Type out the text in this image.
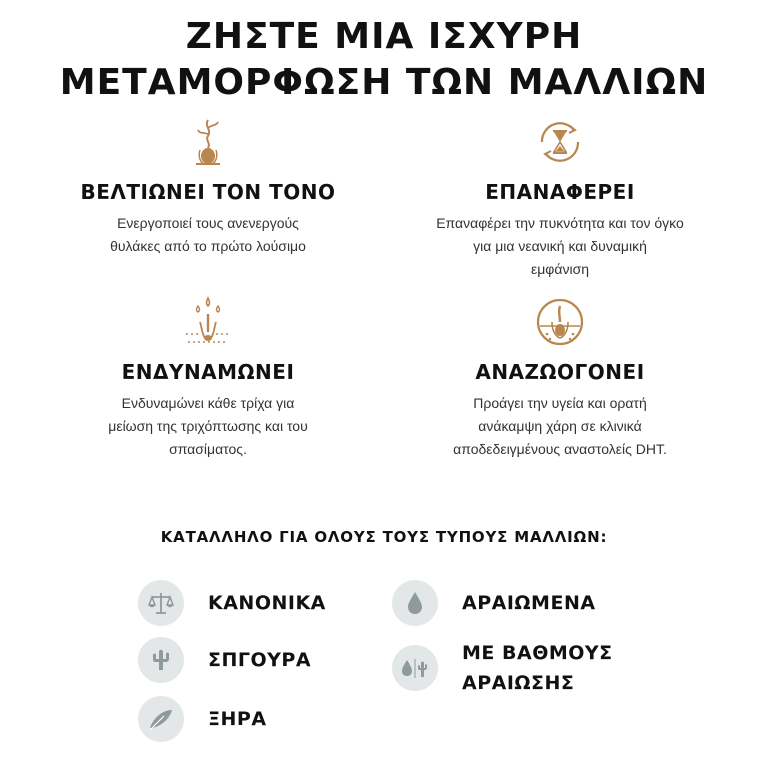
ΖΗΣΤΕ ΜΙΑ ΙΣΧΥΡΗ
ΜΕΤΑΜΟΡΦΩΣΗ ΤΩΝ ΜΑΛΛΙΩΝ
ΒΕΛΤΙΩΝΕΙ ΤΟΝ ΤΟΝΟ
Ενεργοποιεί τους ανενεργούς
θυλάκες από το πρώτο λούσιμο
ΕΠΑΝΑΦΕΡΕΙ
Επαναφέρει την πυκνότητα και τον όγκο
για μια νεανική και δυναμική
εμφάνιση
ΕΝΔΥΝΑΜΩΝΕΙ
Ενδυναμώνει κάθε τρίχα για
μείωση της τριχόπτωσης και του
σπασίματος.
ΑΝΑΖΩΟΓΟΝΕΙ
Προάγει την υγεία και ορατή
ανάκαμψη χάρη σε κλινικά
αποδεδειγμένους αναστολείς DHT.
ΚΑΤΑΛΛΗΛΟ ΓΙΑ ΟΛΟΥΣ ΤΟΥΣ ΤΥΠΟΥΣ ΜΑΛΛΙΩΝ:
ΚΑΝΟΝΙΚΑ
ΣΠΓΟΥΡΑ
ΞΗΡΑ
ΑΡΑΙΩΜΕΝΑ
ΜΕ ΒΑΘΜΟΥΣ
ΑΡΑΙΩΣΗΣ
